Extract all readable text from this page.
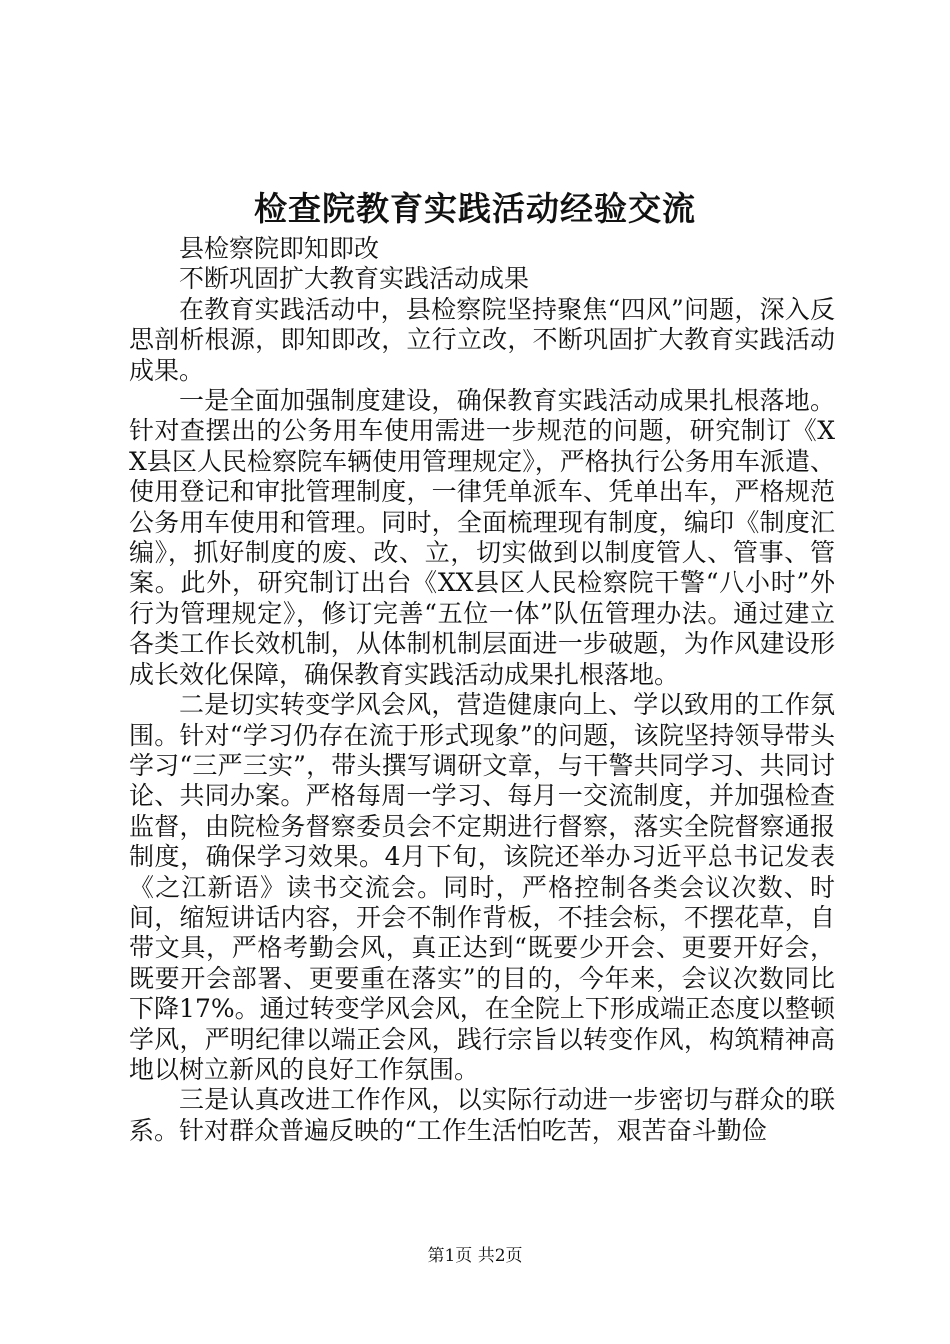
检查院教育实践活动经验交流

县检察院即知即改

不断巩固扩大教育实践活动成果

在教育实践活动中，县检察院坚持聚焦“四风”问题，深入反思剖析根源，即知即改，立行立改，不断巩固扩大教育实践活动成果。

一是全面加强制度建设，确保教育实践活动成果扎根落地。针对查摆出的公务用车使用需进一步规范的问题，研究制订《XX县区人民检察院车辆使用管理规定》，严格执行公务用车派遣、使用登记和审批管理制度，一律凭单派车、凭单出车，严格规范公务用车使用和管理。同时，全面梳理现有制度，编印《制度汇编》，抓好制度的废、改、立，切实做到以制度管人、管事、管案。此外，研究制订出台《XX县区人民检察院干警“八小时”外行为管理规定》，修订完善“五位一体”队伍管理办法。通过建立各类工作长效机制，从体制机制层面进一步破题，为作风建设形成长效化保障，确保教育实践活动成果扎根落地。

二是切实转变学风会风，营造健康向上、学以致用的工作氛围。针对“学习仍存在流于形式现象”的问题，该院坚持领导带头学习“三严三实”，带头撰写调研文章，与干警共同学习、共同讨论、共同办案。严格每周一学习、每月一交流制度，并加强检查监督，由院检务督察委员会不定期进行督察，落实全院督察通报制度，确保学习效果。4月下旬，该院还举办习近平总书记发表《之江新语》读书交流会。同时，严格控制各类会议次数、时间，缩短讲话内容，开会不制作背板，不挂会标，不摆花草，自带文具，严格考勤会风，真正达到“既要少开会、更要开好会，既要开会部署、更要重在落实”的目的，今年来，会议次数同比下降17%。通过转变学风会风，在全院上下形成端正态度以整顿学风，严明纪律以端正会风，践行宗旨以转变作风，构筑精神高地以树立新风的良好工作氛围。

三是认真改进工作作风，以实际行动进一步密切与群众的联系。针对群众普遍反映的“工作生活怕吃苦，艰苦奋斗勤俭

第1页 共2页
